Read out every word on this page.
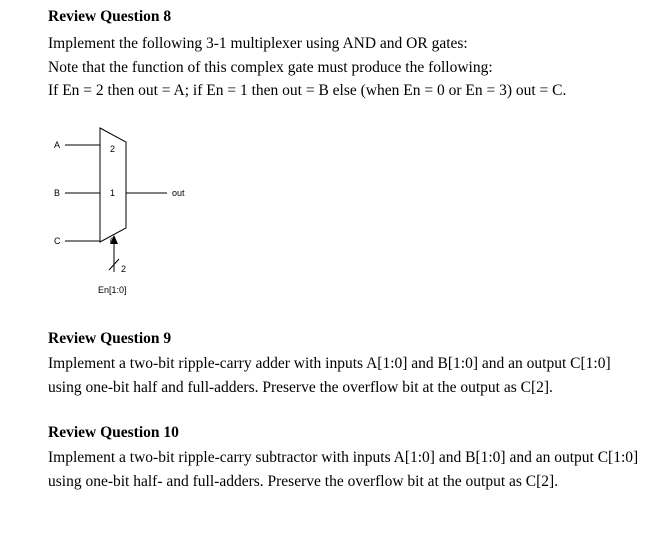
Review Question 8
Implement the following 3-1 multiplexer using AND and OR gates:
Note that the function of this complex gate must produce the following:
If En = 2 then out = A; if En = 1 then out = B else (when En = 0 or En = 3) out = C.
A
B
C
2
1
0
out
2
En[1:0]
Review Question 9
Implement a two-bit ripple-carry adder with inputs A[1:0] and B[1:0] and an output C[1:0] using one-bit half and full-adders. Preserve the overflow bit at the output as C[2].
Review Question 10
Implement a two-bit ripple-carry subtractor with inputs A[1:0] and B[1:0] and an output C[1:0] using one-bit half- and full-adders. Preserve the overflow bit at the output as C[2].
